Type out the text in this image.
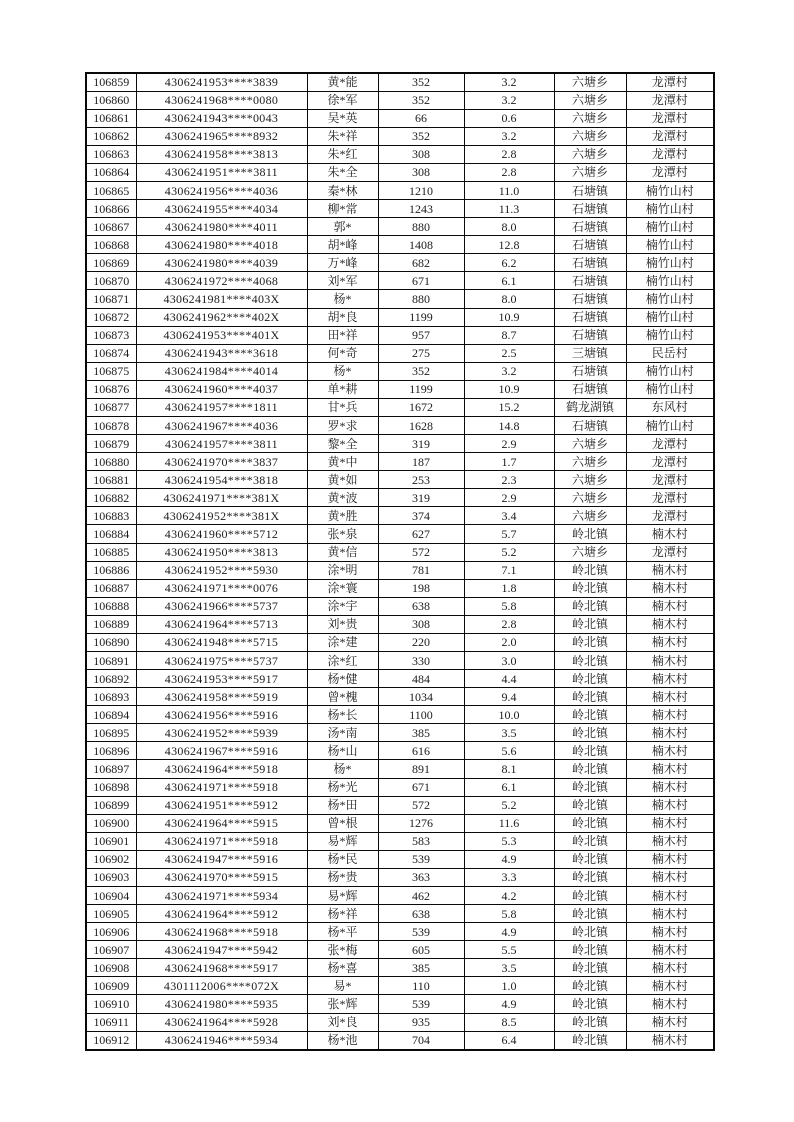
106859	4306241953****3839	黄*能	352	3.2	六塘乡	龙潭村
106860	4306241968****0080	徐*军	352	3.2	六塘乡	龙潭村
106861	4306241943****0043	吴*英	66	0.6	六塘乡	龙潭村
106862	4306241965****8932	朱*祥	352	3.2	六塘乡	龙潭村
106863	4306241958****3813	朱*红	308	2.8	六塘乡	龙潭村
106864	4306241951****3811	朱*全	308	2.8	六塘乡	龙潭村
106865	4306241956****4036	秦*林	1210	11.0	石塘镇	楠竹山村
106866	4306241955****4034	柳*常	1243	11.3	石塘镇	楠竹山村
106867	4306241980****4011	郭*	880	8.0	石塘镇	楠竹山村
106868	4306241980****4018	胡*峰	1408	12.8	石塘镇	楠竹山村
106869	4306241980****4039	万*峰	682	6.2	石塘镇	楠竹山村
106870	4306241972****4068	刘*军	671	6.1	石塘镇	楠竹山村
106871	4306241981****403X	杨*	880	8.0	石塘镇	楠竹山村
106872	4306241962****402X	胡*良	1199	10.9	石塘镇	楠竹山村
106873	4306241953****401X	田*祥	957	8.7	石塘镇	楠竹山村
106874	4306241943****3618	何*奇	275	2.5	三塘镇	民岳村
106875	4306241984****4014	杨*	352	3.2	石塘镇	楠竹山村
106876	4306241960****4037	单*耕	1199	10.9	石塘镇	楠竹山村
106877	4306241957****1811	甘*兵	1672	15.2	鹤龙湖镇	东风村
106878	4306241967****4036	罗*求	1628	14.8	石塘镇	楠竹山村
106879	4306241957****3811	黎*全	319	2.9	六塘乡	龙潭村
106880	4306241970****3837	黄*中	187	1.7	六塘乡	龙潭村
106881	4306241954****3818	黄*如	253	2.3	六塘乡	龙潭村
106882	4306241971****381X	黄*波	319	2.9	六塘乡	龙潭村
106883	4306241952****381X	黄*胜	374	3.4	六塘乡	龙潭村
106884	4306241960****5712	张*泉	627	5.7	岭北镇	楠木村
106885	4306241950****3813	黄*信	572	5.2	六塘乡	龙潭村
106886	4306241952****5930	涂*明	781	7.1	岭北镇	楠木村
106887	4306241971****0076	涂*寰	198	1.8	岭北镇	楠木村
106888	4306241966****5737	涂*宇	638	5.8	岭北镇	楠木村
106889	4306241964****5713	刘*贵	308	2.8	岭北镇	楠木村
106890	4306241948****5715	涂*建	220	2.0	岭北镇	楠木村
106891	4306241975****5737	涂*红	330	3.0	岭北镇	楠木村
106892	4306241953****5917	杨*健	484	4.4	岭北镇	楠木村
106893	4306241958****5919	曾*槐	1034	9.4	岭北镇	楠木村
106894	4306241956****5916	杨*长	1100	10.0	岭北镇	楠木村
106895	4306241952****5939	汤*南	385	3.5	岭北镇	楠木村
106896	4306241967****5916	杨*山	616	5.6	岭北镇	楠木村
106897	4306241964****5918	杨*	891	8.1	岭北镇	楠木村
106898	4306241971****5918	杨*光	671	6.1	岭北镇	楠木村
106899	4306241951****5912	杨*田	572	5.2	岭北镇	楠木村
106900	4306241964****5915	曾*根	1276	11.6	岭北镇	楠木村
106901	4306241971****5918	易*辉	583	5.3	岭北镇	楠木村
106902	4306241947****5916	杨*民	539	4.9	岭北镇	楠木村
106903	4306241970****5915	杨*贵	363	3.3	岭北镇	楠木村
106904	4306241971****5934	易*辉	462	4.2	岭北镇	楠木村
106905	4306241964****5912	杨*祥	638	5.8	岭北镇	楠木村
106906	4306241968****5918	杨*平	539	4.9	岭北镇	楠木村
106907	4306241947****5942	张*梅	605	5.5	岭北镇	楠木村
106908	4306241968****5917	杨*喜	385	3.5	岭北镇	楠木村
106909	4301112006****072X	易*	110	1.0	岭北镇	楠木村
106910	4306241980****5935	张*辉	539	4.9	岭北镇	楠木村
106911	4306241964****5928	刘*良	935	8.5	岭北镇	楠木村
106912	4306241946****5934	杨*池	704	6.4	岭北镇	楠木村
